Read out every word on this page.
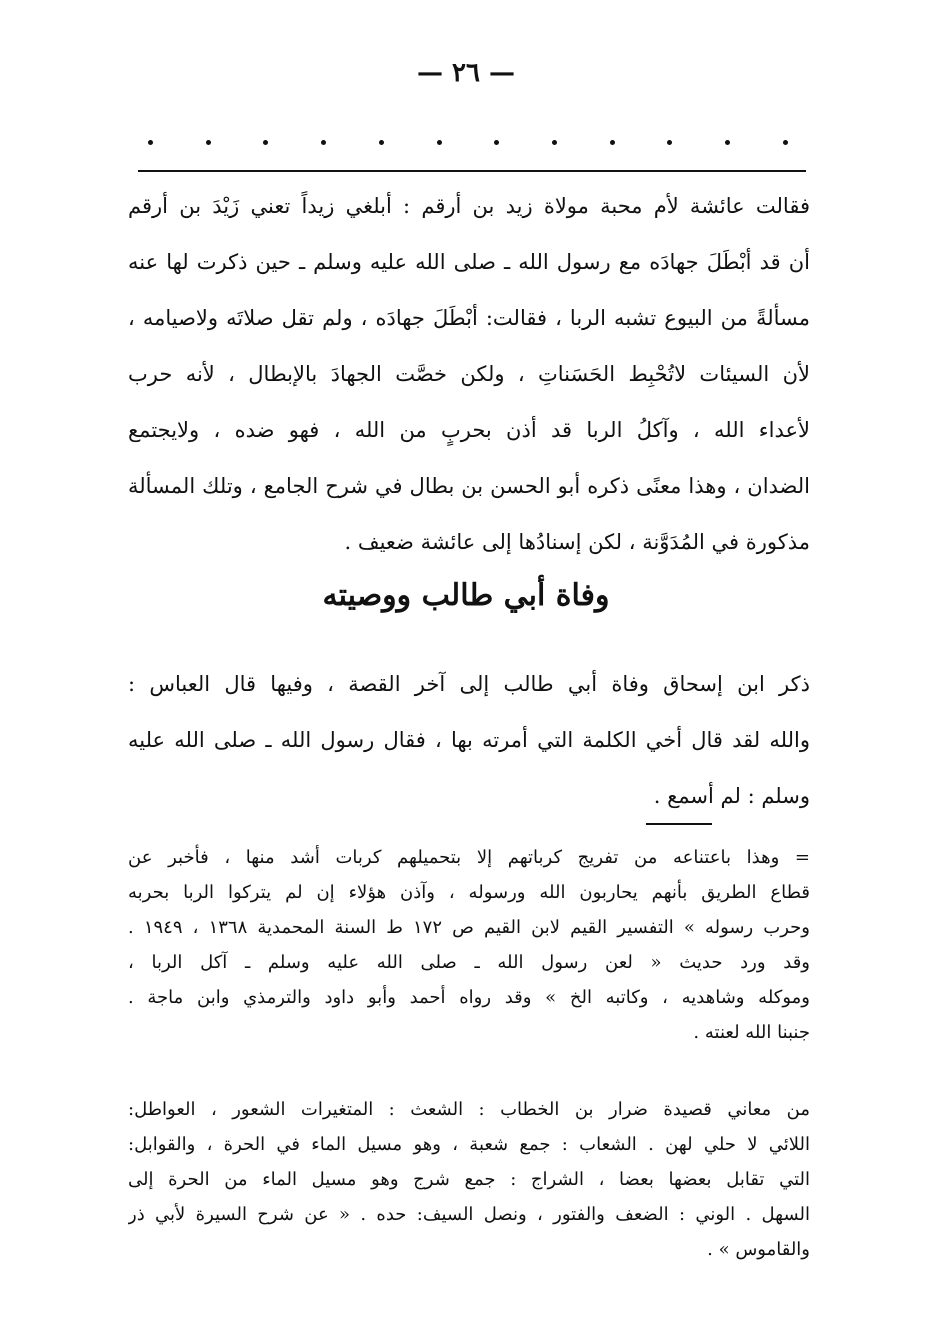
— ٢٦ —
فقالت عائشة لأم محبة مولاة زيد بن أرقم : أبلغي زيداً تعني زَيْدَ بن أرقم
أن قد أبْطَلَ جهادَه مع رسول الله ـ صلى الله عليه وسلم ـ حين ذكرت لها عنه
مسألةً من البيوع تشبه الربا ، فقالت: أبْطَلَ جهادَه ، ولم تقل صلاتَه ولاصيامه ،
لأن السيئات لاتُحْبِط الحَسَناتِ ، ولكن خصَّت الجهادَ بالإبطال ، لأنه حرب
لأعداء الله ، وآكلُ الربا قد أذن بحربٍ من الله ، فهو ضده ، ولايجتمع
الضدان ، وهذا معنًى ذكره أبو الحسن بن بطال في شرح الجامع ، وتلك المسألة
مذكورة في المُدَوَّنة ، لكن إسنادُها إلى عائشة ضعيف .
وفاة أبي طالب ووصيته
ذكر ابن إسحاق وفاة أبي طالب إلى آخر القصة ، وفيها قال العباس :
والله لقد قال أخي الكلمة التي أمرته بها ، فقال رسول الله ـ صلى الله عليه
وسلم : لم أسمع .
= وهذا باعتناعه من تفريج كرباتهم إلا بتحميلهم كربات أشد منها ، فأخبر عن
قطاع الطريق بأنهم يحاربون الله ورسوله ، وآذن هؤلاء إن لم يتركوا الربا بحربه
وحرب رسوله » التفسير القيم لابن القيم ص ١٧٢ ط السنة المحمدية ١٣٦٨ ، ١٩٤٩ .
وقد ورد حديث « لعن رسول الله ـ صلى الله عليه وسلم ـ آكل الربا ،
وموكله وشاهديه ، وكاتبه الخ » وقد رواه أحمد وأبو داود والترمذي وابن ماجة .
جنبنا الله لعنته .
من معاني قصيدة ضرار بن الخطاب : الشعث : المتغيرات الشعور ، العواطل:
اللائي لا حلي لهن . الشعاب : جمع شعبة ، وهو مسيل الماء في الحرة ، والقوابل:
التي تقابل بعضها بعضا ، الشراج : جمع شرج وهو مسيل الماء من الحرة إلى
السهل . الوني : الضعف والفتور ، ونصل السيف: حده . « عن شرح السيرة لأبي ذر
والقاموس » .
